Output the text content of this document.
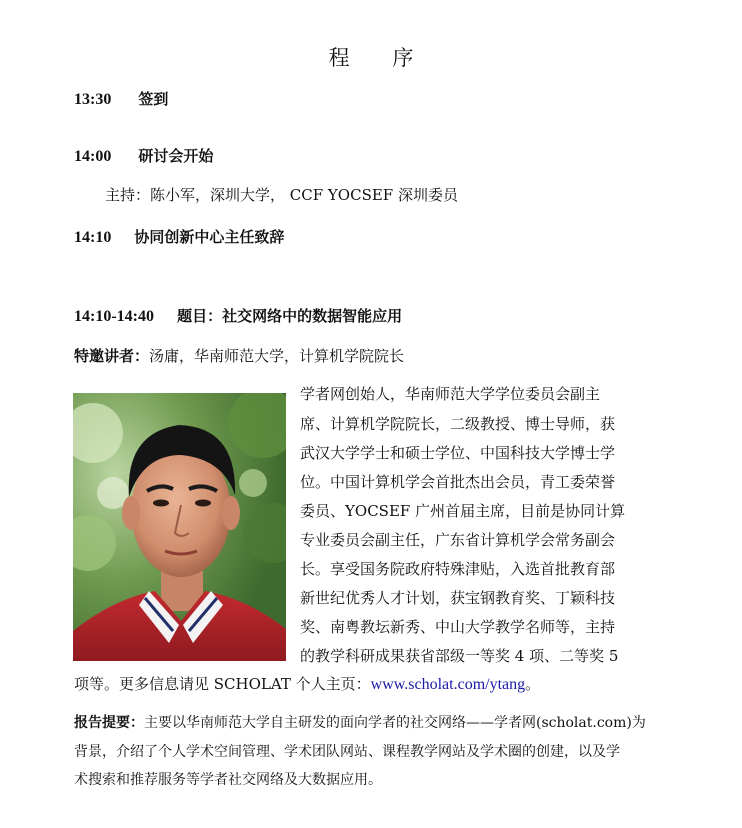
程 序
13:30 签到
14:00 研讨会开始
主持：陈小军，深圳大学， CCF YOCSEF 深圳委员
14:10 协同创新中心主任致辞
14:10-14:40 题目：社交网络中的数据智能应用
特邀讲者：汤庸，华南师范大学，计算机学院院长
学者网创始人，华南师范大学学位委员会副主
席、计算机学院院长，二级教授、博士导师，获
武汉大学学士和硕士学位、中国科技大学博士学
位。中国计算机学会首批杰出会员，青工委荣誉
委员、YOCSEF 广州首届主席，目前是协同计算
专业委员会副主任，广东省计算机学会常务副会
长。享受国务院政府特殊津贴，入选首批教育部
新世纪优秀人才计划，获宝钢教育奖、丁颖科技
奖、南粤教坛新秀、中山大学教学名师等，主持
的教学科研成果获省部级一等奖 4 项、二等奖 5
项等。更多信息请见 SCHOLAT 个人主页：www.scholat.com/ytang。
报告提要：主要以华南师范大学自主研发的面向学者的社交网络——学者网(scholat.com)为
背景，介绍了个人学术空间管理、学术团队网站、课程教学网站及学术圈的创建，以及学
术搜索和推荐服务等学者社交网络及大数据应用。
